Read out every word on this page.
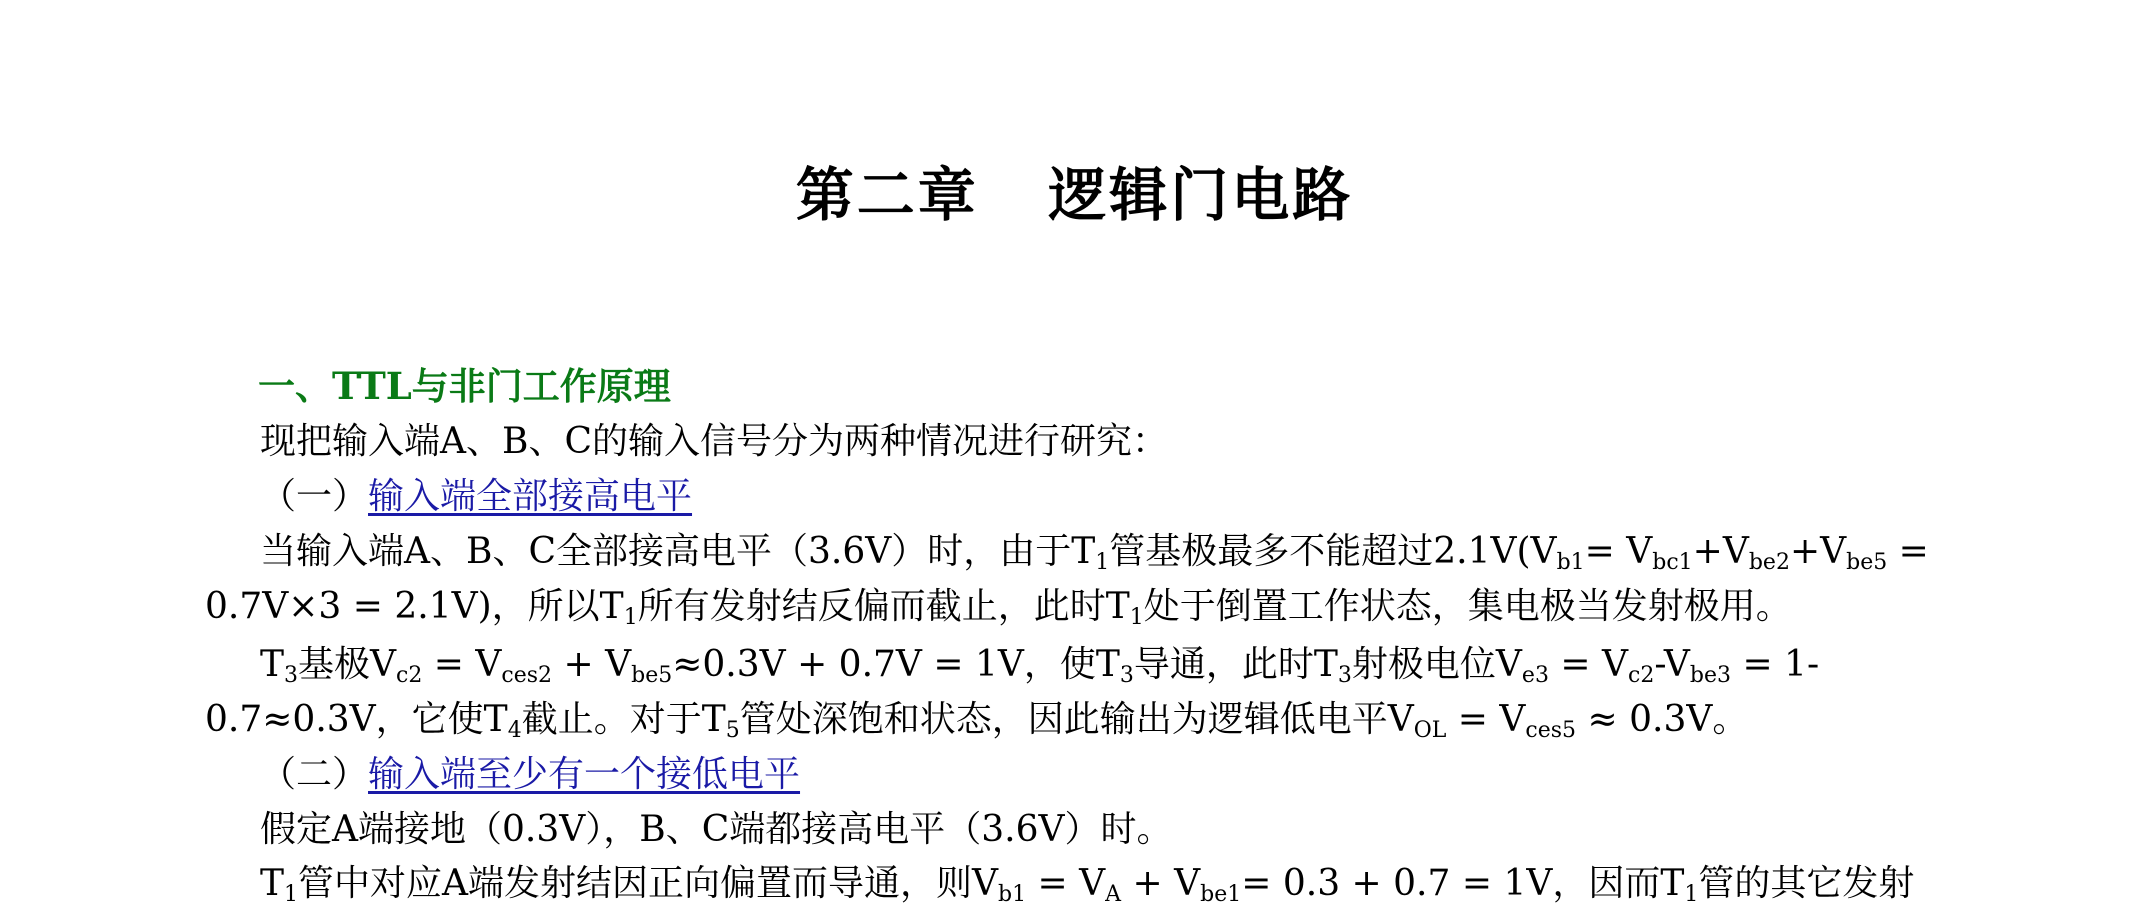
第二章   逻辑门电路
一、TTL与非门工作原理
现把输入端A、B、C的输入信号分为两种情况进行研究：
（一）输入端全部接高电平
当输入端A、B、C全部接高电平（3.6V）时，由于$T_1$管基极最多不能超过$2.1V(V_{b1}= V_{bc1}+V_{be2}+V_{be5}$ =
0.7V×3 = 2.1V)，所以$T_1$所有发射结反偏而截止，此时$T_1$处于倒置工作状态，集电极当发射极用。
$T_3$基极$V_{c2} = V_{ces2} + V_{be5}\approx 0.3V + 0.7V = 1V$，使$T_3$导通，此时$T_3$射极电位$V_{e3} = V_{c2}-V_{be3} = 1-$
0.7≈0.3V，它使$T_4$截止。对于$T_5$管处深饱和状态，因此输出为逻辑低电平$V_{OL} = V_{ces5} \approx 0.3V$。
（二）输入端至少有一个接低电平
假定A端接地（0.3V），B、C端都接高电平（3.6V）时。
$T_1$管中对应A端发射结因正向偏置而导通，则$V_{b1} = V_A + V_{be1}= 0.3 + 0.7 = 1V$，因而$T_1$管的其它发射
